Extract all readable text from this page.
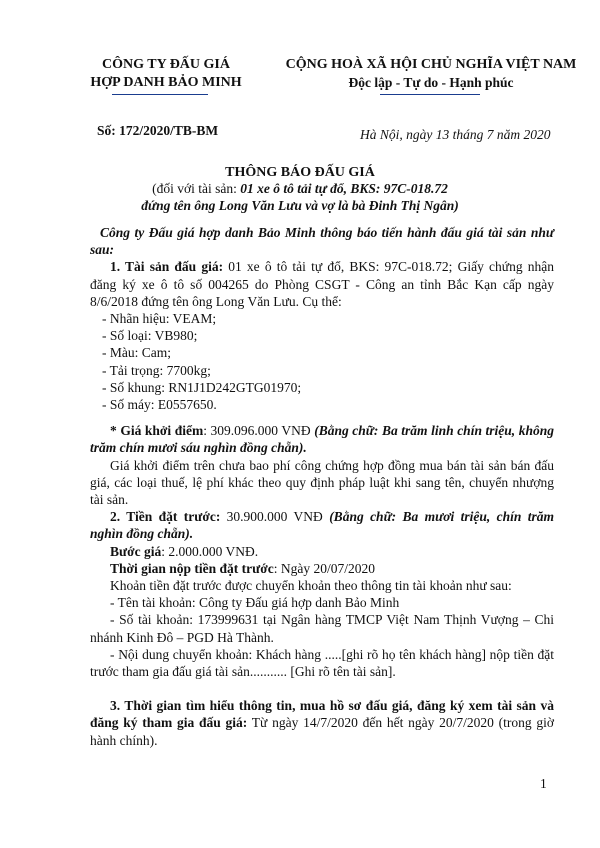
CÔNG TY ĐẤU GIÁ
HỢP DANH BẢO MINH
CỘNG HOÀ XÃ HỘI CHỦ NGHĨA VIỆT NAM
Độc lập - Tự do - Hạnh phúc
Số: 172/2020/TB-BM	Hà Nội, ngày 13 tháng 7 năm 2020
THÔNG BÁO ĐẤU GIÁ
(đối với tài sản: 01 xe ô tô tải tự đổ, BKS: 97C-018.72
đứng tên ông Long Văn Lưu và vợ là bà Đinh Thị Ngân)

Công ty Đấu giá hợp danh Bảo Minh thông báo tiến hành đấu giá tài sản như sau:

1. Tài sản đấu giá: 01 xe ô tô tải tự đổ, BKS: 97C-018.72; Giấy chứng nhận đăng ký xe ô tô số 004265 do Phòng CSGT - Công an tỉnh Bắc Kạn cấp ngày 8/6/2018 đứng tên ông Long Văn Lưu. Cụ thể:

- Nhãn hiệu: VEAM;

- Số loại: VB980;

- Màu: Cam;

- Tải trọng: 7700kg;

- Số khung: RN1J1D242GTG01970;

- Số máy: E0557650.

* Giá khởi điểm: 309.096.000 VNĐ (Bằng chữ: Ba trăm linh chín triệu, không trăm chín mươi sáu nghìn đồng chẵn).

Giá khởi điểm trên chưa bao phí công chứng hợp đồng mua bán tài sản bán đấu giá, các loại thuế, lệ phí khác theo quy định pháp luật khi sang tên, chuyển nhượng tài sản.

2. Tiền đặt trước: 30.900.000 VNĐ (Bằng chữ: Ba mươi triệu, chín trăm nghìn đồng chẵn).

Bước giá: 2.000.000 VNĐ.

Thời gian nộp tiền đặt trước: Ngày 20/07/2020

Khoản tiền đặt trước được chuyển khoản theo thông tin tài khoản như sau:

- Tên tài khoản: Công ty Đấu giá hợp danh Bảo Minh

- Số tài khoản: 173999631 tại Ngân hàng TMCP Việt Nam Thịnh Vượng – Chi nhánh Kinh Đô – PGD Hà Thành.

- Nội dung chuyển khoản: Khách hàng .....[ghi rõ họ tên khách hàng] nộp tiền đặt trước tham gia đấu giá tài sản........... [Ghi rõ tên tài sản].

3. Thời gian tìm hiểu thông tin, mua hồ sơ đấu giá, đăng ký xem tài sản và đăng ký tham gia đấu giá: Từ ngày 14/7/2020 đến hết ngày 20/7/2020 (trong giờ hành chính).

1
